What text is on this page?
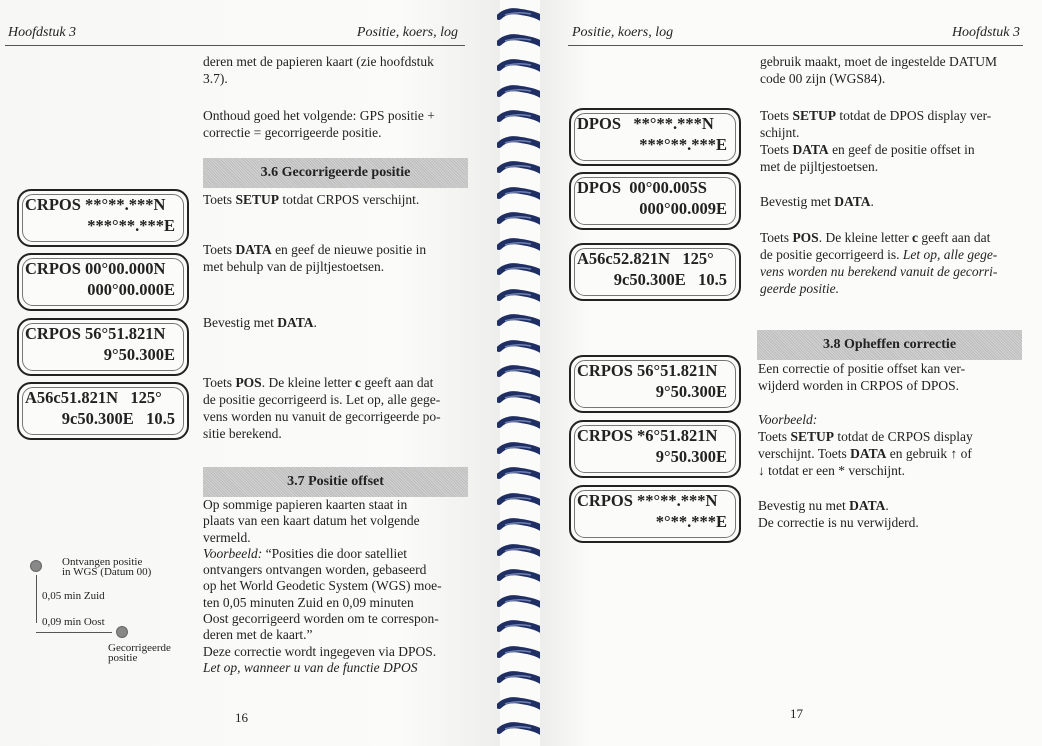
Hoofdstuk 3	Positie, koers, log
deren met de papieren kaart (zie hoofdstuk
3.7).
Onthoud goed het volgende: GPS positie +
correctie = gecorrigeerde positie.
3.6 Gecorrigeerde positie
Toets SETUP totdat CRPOS verschijnt.
Toets DATA en geef de nieuwe positie in
met behulp van de pijltjestoetsen.
Bevestig met DATA.
Toets POS. De kleine letter c geeft aan dat
de positie gecorrigeerd is. Let op, alle gege-
vens worden nu vanuit de gecorrigeerde po-
sitie berekend.
3.7 Positie offset
Op sommige papieren kaarten staat in
plaats van een kaart datum het volgende
vermeld.
Voorbeeld: “Posities die door satelliet
ontvangers ontvangen worden, gebaseerd
op het World Geodetic System (WGS) moe-
ten 0,05 minuten Zuid en 0,09 minuten
Oost gecorrigeerd worden om te correspon-
deren met de kaart.”
Deze correctie wordt ingegeven via DPOS.
Let op, wanneer u van de functie DPOS
CRPOS **°**.***N
***°**.***E
CRPOS 00°00.000N
000°00.000E
CRPOS 56°51.821N
9°50.300E
A56c51.821N   125°
9c50.300E   10.5
Ontvangen positie
in WGS (Datum 00)
0,05 min Zuid
0,09 min Oost
Gecorrigeerde
positie
16
Positie, koers, log	Hoofdstuk 3
gebruik maakt, moet de ingestelde DATUM
code 00 zijn (WGS84).
Toets SETUP totdat de DPOS display ver-
schijnt.
Toets DATA en geef de positie offset in
met de pijltjestoetsen.
Bevestig met DATA.
Toets POS. De kleine letter c geeft aan dat
de positie gecorrigeerd is. Let op, alle gege-
vens worden nu berekend vanuit de gecorri-
geerde positie.
3.8 Opheffen correctie
Een correctie of positie offset kan ver-
wijderd worden in CRPOS of DPOS.
Voorbeeld:
Toets SETUP totdat de CRPOS display
verschijnt. Toets DATA en gebruik ↑ of
↓ totdat er een * verschijnt.
Bevestig nu met DATA.
De correctie is nu verwijderd.
DPOS   **°**.***N
***°**.***E
DPOS  00°00.005S
000°00.009E
A56c52.821N   125°
9c50.300E   10.5
CRPOS 56°51.821N
9°50.300E
CRPOS *6°51.821N
9°50.300E
CRPOS **°**.***N
*°**.***E
17
